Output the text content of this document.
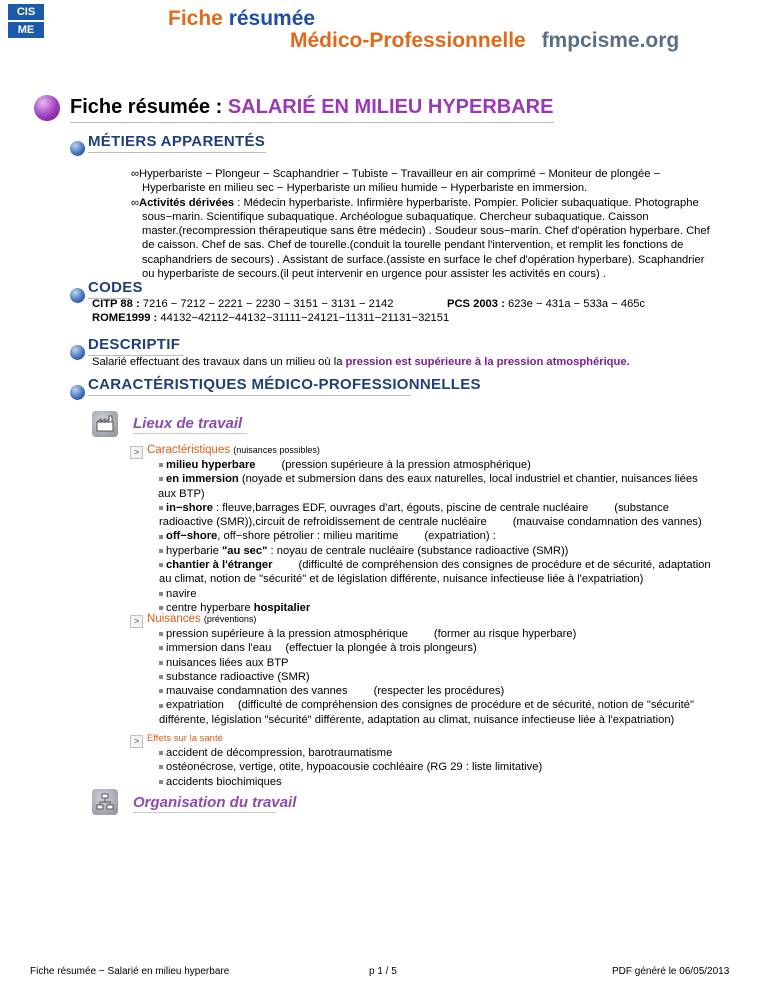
CIS
ME	Fiche résumée
Médico-Professionnelle fmpcisme.org
Fiche résumée : SALARIÉ EN MILIEU HYPERBARE
MÉTIERS APPARENTÉS
∞Hyperbariste − Plongeur − Scaphandrier − Tubiste − Travailleur en air comprimé − Moniteur de plongée −
Hyperbariste en milieu sec − Hyperbariste un milieu humide − Hyperbariste en immersion.
∞Activités dérivées : Médecin hyperbariste. Infirmière hyperbariste. Pompier. Policier subaquatique. Photographe
sous−marin. Scientifique subaquatique. Archéologue subaquatique. Chercheur subaquatique. Caisson
master.(recompression thérapeutique sans être médecin) . Soudeur sous−marin. Chef d'opération hyperbare. Chef
de caisson. Chef de sas. Chef de tourelle.(conduit la tourelle pendant l'intervention, et remplit les fonctions de
scaphandriers de secours) . Assistant de surface.(assiste en surface le chef d'opération hyperbare). Scaphandrier
ou hyperbariste de secours.(il peut intervenir en urgence pour assister les activités en cours) .
CODES
CITP 88 : 7216 − 7212 − 2221 − 2230 − 3151 − 3131 − 2142	PCS 2003 : 623e − 431a − 533a − 465c
ROME1999 : 44132−42112−44132−31111−24121−11311−21131−32151
DESCRIPTIF
Salarié effectuant des travaux dans un milieu où la pression est supérieure à la pression atmosphérique.
CARACTÉRISTIQUES MÉDICO-PROFESSIONNELLES
Lieux de travail
> Caractéristiques (nuisances possibles)
milieu hyperbare (pression supérieure à la pression atmosphérique)
en immersion (noyade et submersion dans des eaux naturelles, local industriel et chantier, nuisances liées
aux BTP)
in−shore : fleuve,barrages EDF, ouvrages d'art, égouts, piscine de centrale nucléaire (substance
radioactive (SMR)),circuit de refroidissement de centrale nucléaire (mauvaise condamnation des vannes)
off−shore, off−shore pétrolier : milieu maritime (expatriation) :
hyperbarie "au sec" : noyau de centrale nucléaire (substance radioactive (SMR))
chantier à l'étranger (difficulté de compréhension des consignes de procédure et de sécurité, adaptation
au climat, notion de "sécurité" et de législation différente, nuisance infectieuse liée à l'expatriation)
navire
centre hyperbare hospitalier
> Nuisances (préventions)
pression supérieure à la pression atmosphérique (former au risque hyperbare)
immersion dans l'eau (effectuer la plongée à trois plongeurs)
nuisances liées aux BTP
substance radioactive (SMR)
mauvaise condamnation des vannes (respecter les procédures)
expatriation (difficulté de compréhension des consignes de procédure et de sécurité, notion de "sécurité"
différente, législation "sécurité" différente, adaptation au climat, nuisance infectieuse liée à l'expatriation)
> Effets sur la santé
accident de décompression, barotraumatisme
ostéonécrose, vertige, otite, hypoacousie cochléaire (RG 29 : liste limitative)
accidents biochimiques
Organisation du travail
Fiche résumée − Salarié en milieu hyperbare	p 1 / 5	PDF généré le 06/05/2013
